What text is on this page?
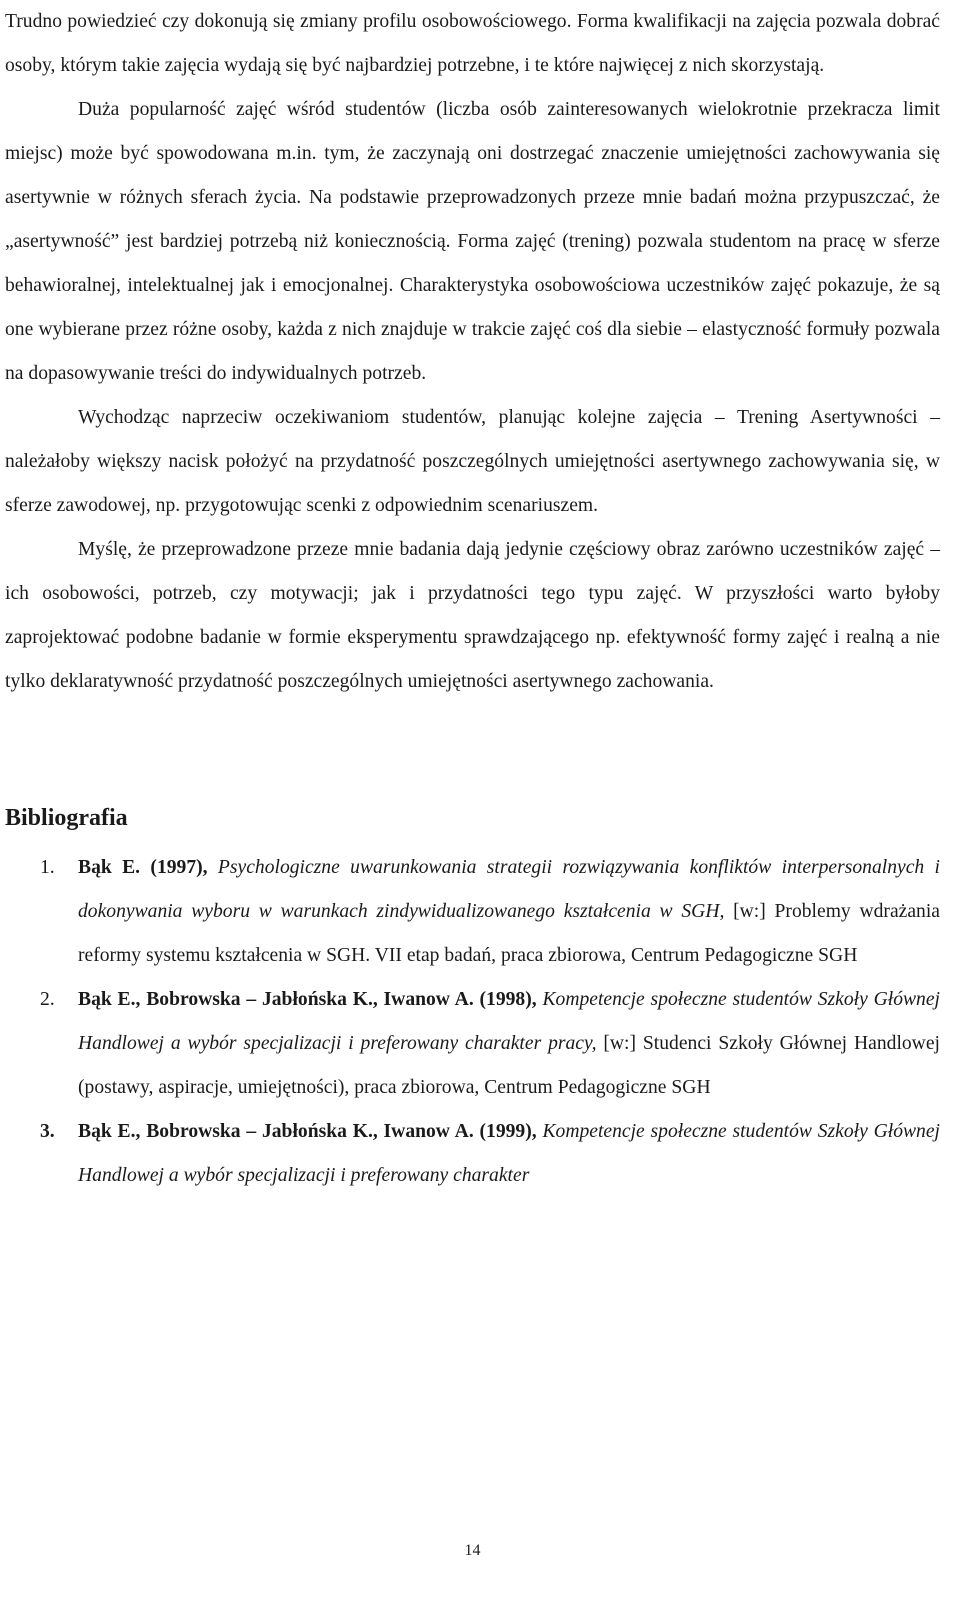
Trudno powiedzieć czy dokonują się zmiany profilu osobowościowego. Forma kwalifikacji na zajęcia pozwala dobrać osoby, którym takie zajęcia wydają się być najbardziej potrzebne, i te które najwięcej z nich skorzystają.

Duża popularność zajęć wśród studentów (liczba osób zainteresowanych wielokrotnie przekracza limit miejsc) może być spowodowana m.in. tym, że zaczynają oni dostrzegać znaczenie umiejętności zachowywania się asertywnie w różnych sferach życia. Na podstawie przeprowadzonych przeze mnie badań można przypuszczać, że „asertywność” jest bardziej potrzebą niż koniecznością. Forma zajęć (trening) pozwala studentom na pracę w sferze behawioralnej, intelektualnej jak i emocjonalnej. Charakterystyka osobowościowa uczestników zajęć pokazuje, że są one wybierane przez różne osoby, każda z nich znajduje w trakcie zajęć coś dla siebie – elastyczność formuły pozwala na dopasowywanie treści do indywidualnych potrzeb.

Wychodząc naprzeciw oczekiwaniom studentów, planując kolejne zajęcia – Trening Asertywności – należałoby większy nacisk położyć na przydatność poszczególnych umiejętności asertywnego zachowywania się, w sferze zawodowej, np. przygotowując scenki z odpowiednim scenariuszem.

Myślę, że przeprowadzone przeze mnie badania dają jedynie częściowy obraz zarówno uczestników zajęć – ich osobowości, potrzeb, czy motywacji; jak i przydatności tego typu zajęć. W przyszłości warto byłoby zaprojektować podobne badanie w formie eksperymentu sprawdzającego np. efektywność formy zajęć i realną a nie tylko deklaratywność przydatność poszczególnych umiejętności asertywnego zachowania.

Bibliografia
1. Bąk E. (1997), Psychologiczne uwarunkowania strategii rozwiązywania konfliktów interpersonalnych i dokonywania wyboru w warunkach zindywidualizowanego kształcenia w SGH, [w:] Problemy wdrażania reformy systemu kształcenia w SGH. VII etap badań, praca zbiorowa, Centrum Pedagogiczne SGH
2. Bąk E., Bobrowska – Jabłońska K., Iwanow A. (1998), Kompetencje społeczne studentów Szkoły Głównej Handlowej a wybór specjalizacji i preferowany charakter pracy, [w:] Studenci Szkoły Głównej Handlowej (postawy, aspiracje, umiejętności), praca zbiorowa, Centrum Pedagogiczne SGH
3. Bąk E., Bobrowska – Jabłońska K., Iwanow A. (1999), Kompetencje społeczne studentów Szkoły Głównej Handlowej a wybór specjalizacji i preferowany charakter
14
